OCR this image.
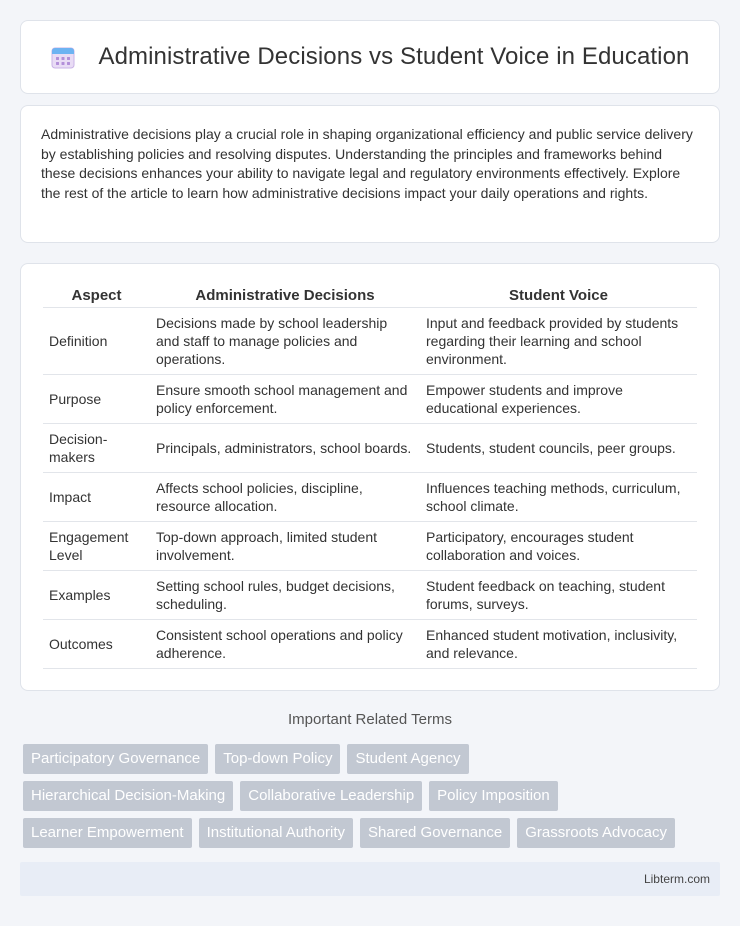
Administrative Decisions vs Student Voice in Education

Administrative decisions play a crucial role in shaping organizational efficiency and public service delivery by establishing policies and resolving disputes. Understanding the principles and frameworks behind these decisions enhances your ability to navigate legal and regulatory environments effectively. Explore the rest of the article to learn how administrative decisions impact your daily operations and rights.

Aspect	Administrative Decisions	Student Voice
Definition	Decisions made by school leadership and staff to manage policies and operations.	Input and feedback provided by students regarding their learning and school environment.
Purpose	Ensure smooth school management and policy enforcement.	Empower students and improve educational experiences.
Decision-makers	Principals, administrators, school boards.	Students, student councils, peer groups.
Impact	Affects school policies, discipline, resource allocation.	Influences teaching methods, curriculum, school climate.
Engagement Level	Top-down approach, limited student involvement.	Participatory, encourages student collaboration and voices.
Examples	Setting school rules, budget decisions, scheduling.	Student feedback on teaching, student forums, surveys.
Outcomes	Consistent school operations and policy adherence.	Enhanced student motivation, inclusivity, and relevance.
Important Related Terms
Participatory Governance	Top-down Policy	Student Agency
Hierarchical Decision-Making	Collaborative Leadership	Policy Imposition
Learner Empowerment	Institutional Authority	Shared Governance	Grassroots Advocacy
Libterm.com
